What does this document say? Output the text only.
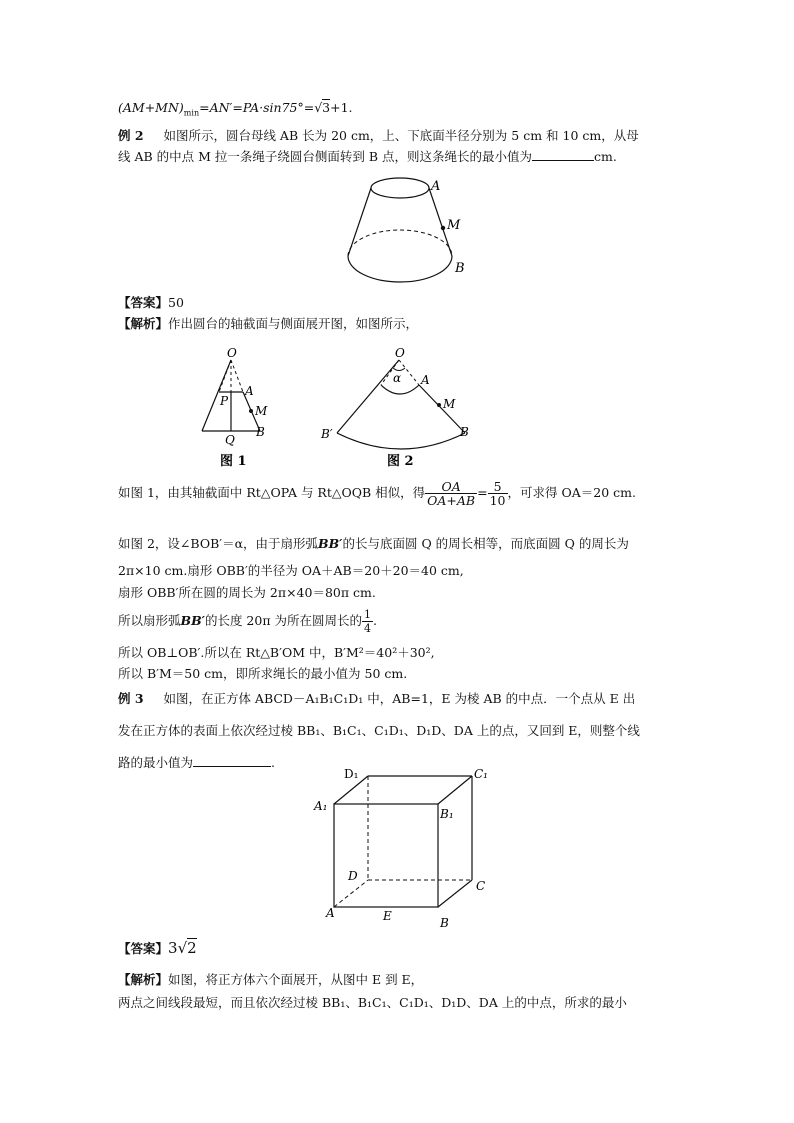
$(AM+MN)_{min}=AN'=PA\cdot\sin 75^\circ=√3+1$.
例 2 如图所示，圆台母线 AB 长为 20 cm，上、下底面半径分别为 5 cm 和 10 cm，从母
线 AB 的中点 M 拉一条绳子绕圆台侧面转到 B 点，则这条绳长的最小值为	cm.
A
M
B
【答案】50
【解析】作出圆台的轴截面与侧面展开图，如图所示，
O
A
P
M
Q
B
图 1
O
α A
M
B′	B
图 2
如图 1，由其轴截面中 Rt△OPA 与 Rt△OQB 相似，得 $\frac{OA}{OA+AB} = \frac{5}{10}$ ，可求得 OA＝20 cm.
如图 2，设∠BOB′＝α，由于扇形弧BB′的长与底面圆 Q 的周长相等，而底面圆 Q 的周长为
2π×10 cm.扇形 OBB′的半径为 OA＋AB＝20＋20＝40 cm,
扇形 OBB′所在圆的周长为 2π×40＝80π cm.
所以扇形弧BB′的长度 20π 为所在圆周长的 $\frac{1}{4}$ .
所以 OB⊥OB′.所以在 Rt△B′OM 中，B′M²＝40²＋30²,
所以 B′M＝50 cm，即所求绳长的最小值为 50 cm.
例 3 如图，在正方体 ABCD－A₁B₁C₁D₁ 中，AB=1，E 为棱 AB 的中点．一个点从 E 出
发在正方体的表面上依次经过棱 BB₁、B₁C₁、C₁D₁、D₁D、DA 上的点，又回到 E，则整个线
路的最小值为	.
D₁	C₁
A₁
B₁
D
C
A	E	B
【答案】3√2
【解析】如图，将正方体六个面展开，从图中 E 到 E，
两点之间线段最短，而且依次经过棱 BB₁、B₁C₁、C₁D₁、D₁D、DA 上的中点，所求的最小
